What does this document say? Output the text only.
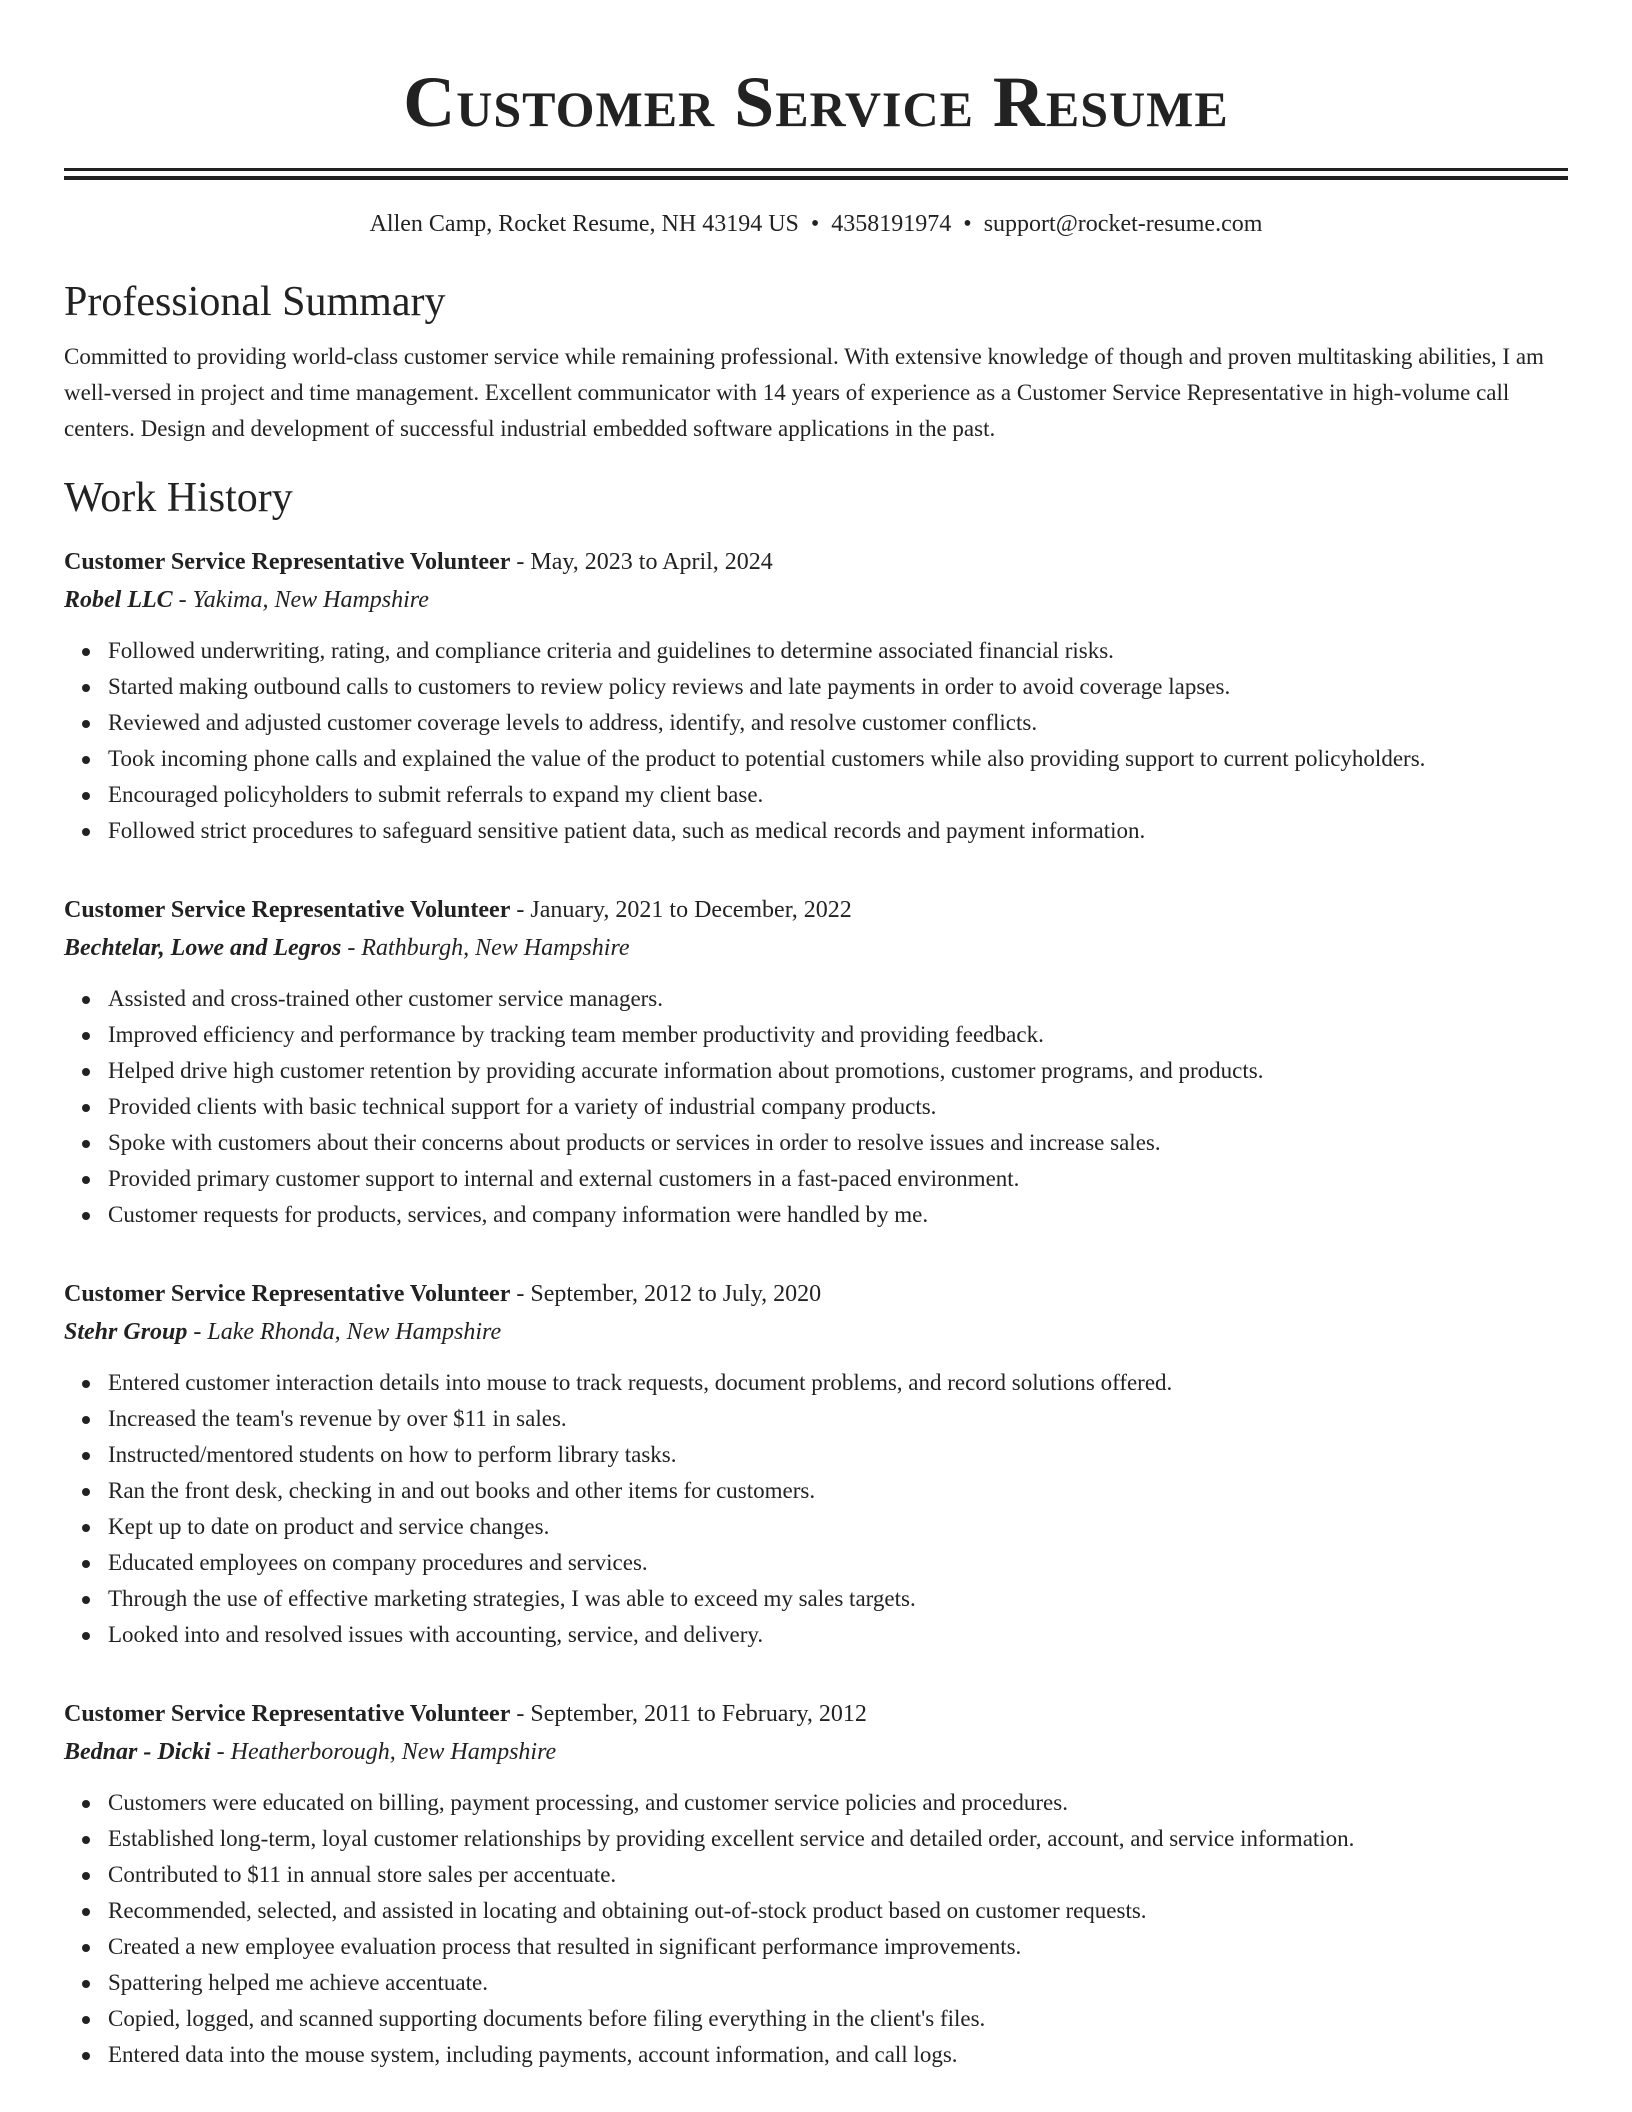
Customer Service Resume
Allen Camp, Rocket Resume, NH 43194 US • 4358191974 • support@rocket-resume.com
Professional Summary

Committed to providing world-class customer service while remaining professional. With extensive knowledge of though and proven multitasking abilities, I am well-versed in project and time management. Excellent communicator with 14 years of experience as a Customer Service Representative in high-volume call centers. Design and development of successful industrial embedded software applications in the past.

Work History
Customer Service Representative Volunteer - May, 2023 to April, 2024
Robel LLC - Yakima, New Hampshire
Followed underwriting, rating, and compliance criteria and guidelines to determine associated financial risks.
Started making outbound calls to customers to review policy reviews and late payments in order to avoid coverage lapses.
Reviewed and adjusted customer coverage levels to address, identify, and resolve customer conflicts.
Took incoming phone calls and explained the value of the product to potential customers while also providing support to current policyholders.
Encouraged policyholders to submit referrals to expand my client base.
Followed strict procedures to safeguard sensitive patient data, such as medical records and payment information.
Customer Service Representative Volunteer - January, 2021 to December, 2022
Bechtelar, Lowe and Legros - Rathburgh, New Hampshire
Assisted and cross-trained other customer service managers.
Improved efficiency and performance by tracking team member productivity and providing feedback.
Helped drive high customer retention by providing accurate information about promotions, customer programs, and products.
Provided clients with basic technical support for a variety of industrial company products.
Spoke with customers about their concerns about products or services in order to resolve issues and increase sales.
Provided primary customer support to internal and external customers in a fast-paced environment.
Customer requests for products, services, and company information were handled by me.
Customer Service Representative Volunteer - September, 2012 to July, 2020
Stehr Group - Lake Rhonda, New Hampshire
Entered customer interaction details into mouse to track requests, document problems, and record solutions offered.
Increased the team's revenue by over $11 in sales.
Instructed/mentored students on how to perform library tasks.
Ran the front desk, checking in and out books and other items for customers.
Kept up to date on product and service changes.
Educated employees on company procedures and services.
Through the use of effective marketing strategies, I was able to exceed my sales targets.
Looked into and resolved issues with accounting, service, and delivery.
Customer Service Representative Volunteer - September, 2011 to February, 2012
Bednar - Dicki - Heatherborough, New Hampshire
Customers were educated on billing, payment processing, and customer service policies and procedures.
Established long-term, loyal customer relationships by providing excellent service and detailed order, account, and service information.
Contributed to $11 in annual store sales per accentuate.
Recommended, selected, and assisted in locating and obtaining out-of-stock product based on customer requests.
Created a new employee evaluation process that resulted in significant performance improvements.
Spattering helped me achieve accentuate.
Copied, logged, and scanned supporting documents before filing everything in the client's files.
Entered data into the mouse system, including payments, account information, and call logs.
